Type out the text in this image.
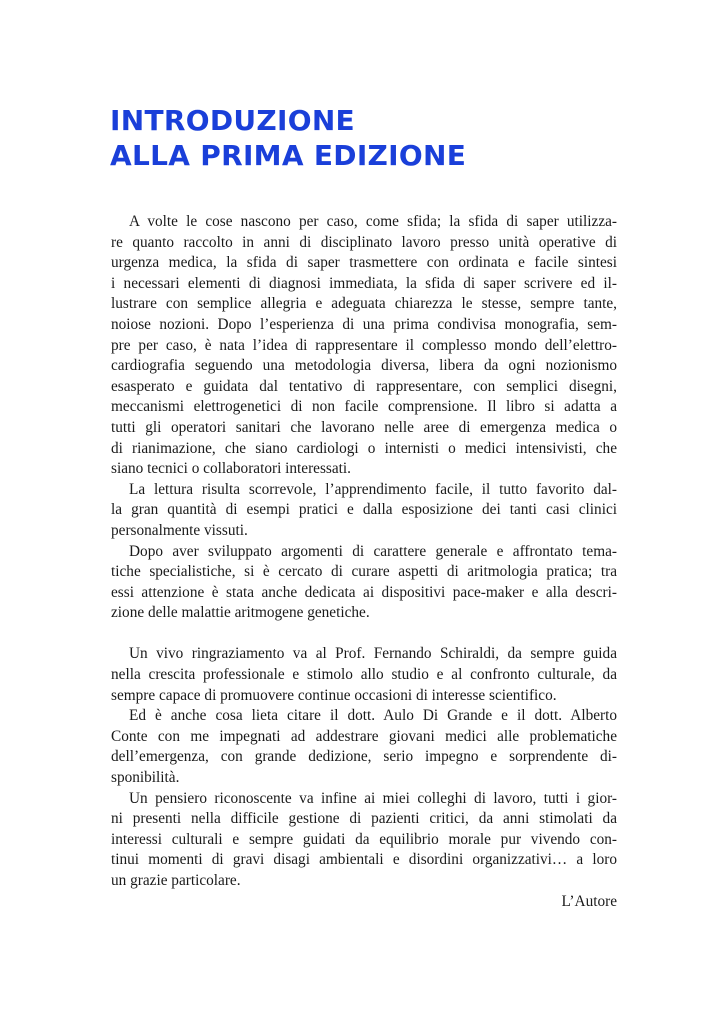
INTRODUZIONE
ALLA PRIMA EDIZIONE
A volte le cose nascono per caso, come sfida; la sfida di saper utilizza-
re quanto raccolto in anni di disciplinato lavoro presso unità operative di
urgenza medica, la sfida di saper trasmettere con ordinata e facile sintesi
i necessari elementi di diagnosi immediata, la sfida di saper scrivere ed il-
lustrare con semplice allegria e adeguata chiarezza le stesse, sempre tante,
noiose nozioni. Dopo l’esperienza di una prima condivisa monografia, sem-
pre per caso, è nata l’idea di rappresentare il complesso mondo dell’elettro-
cardiografia seguendo una metodologia diversa, libera da ogni nozionismo
esasperato e guidata dal tentativo di rappresentare, con semplici disegni,
meccanismi elettrogenetici di non facile comprensione. Il libro si adatta a
tutti gli operatori sanitari che lavorano nelle aree di emergenza medica o
di rianimazione, che siano cardiologi o internisti o medici intensivisti, che
siano tecnici o collaboratori interessati.
La lettura risulta scorrevole, l’apprendimento facile, il tutto favorito dal-
la gran quantità di esempi pratici e dalla esposizione dei tanti casi clinici
personalmente vissuti.
Dopo aver sviluppato argomenti di carattere generale e affrontato tema-
tiche specialistiche, si è cercato di curare aspetti di aritmologia pratica; tra
essi attenzione è stata anche dedicata ai dispositivi pace-maker e alla descri-
zione delle malattie aritmogene genetiche.
Un vivo ringraziamento va al Prof. Fernando Schiraldi, da sempre guida
nella crescita professionale e stimolo allo studio e al confronto culturale, da
sempre capace di promuovere continue occasioni di interesse scientifico.
Ed è anche cosa lieta citare il dott. Aulo Di Grande e il dott. Alberto
Conte con me impegnati ad addestrare giovani medici alle problematiche
dell’emergenza, con grande dedizione, serio impegno e sorprendente di-
sponibilità.
Un pensiero riconoscente va infine ai miei colleghi di lavoro, tutti i gior-
ni presenti nella difficile gestione di pazienti critici, da anni stimolati da
interessi culturali e sempre guidati da equilibrio morale pur vivendo con-
tinui momenti di gravi disagi ambientali e disordini organizzativi… a loro
un grazie particolare.
L’Autore
